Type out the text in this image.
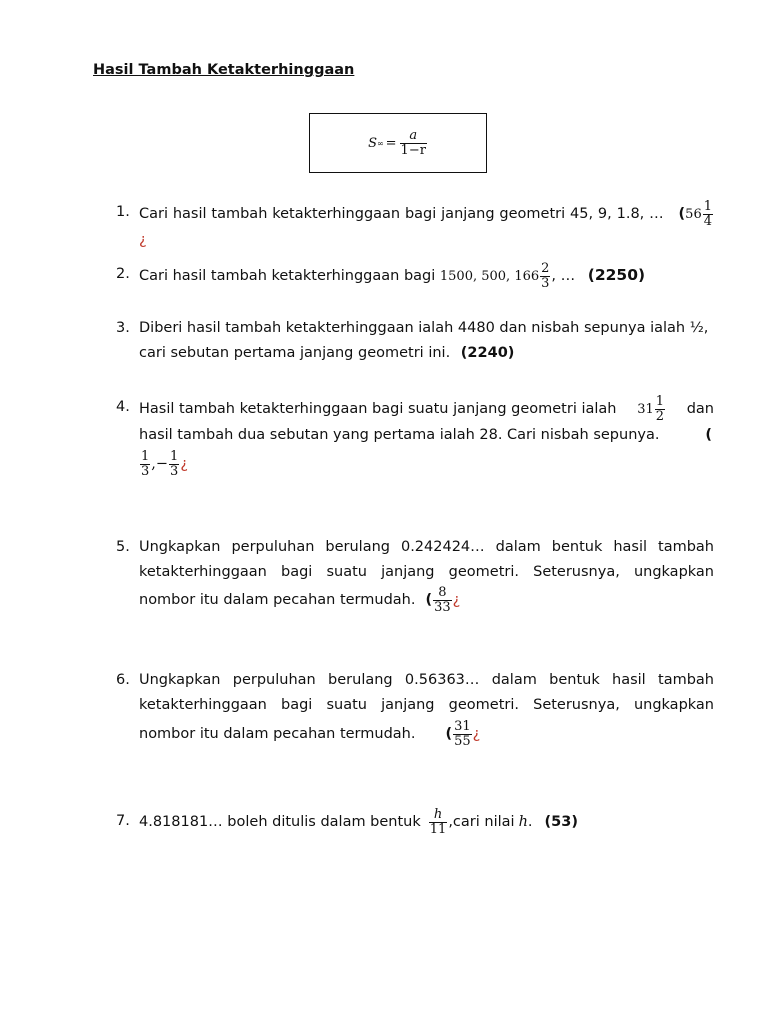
Hasil Tambah Ketakterhinggaan
S ∞ = $\frac{a}{1-r}$
1. Cari hasil tambah ketakterhinggaan bagi janjang geometri 45, 9, 1.8, … ($56 \frac{1}{4}$
¿
2. Cari hasil tambah ketakterhinggaan bagi 1500, 500, $166 \frac{2}{3}$ , … (2250)
3. Diberi hasil tambah ketakterhinggaan ialah 4480 dan nisbah sepunya ialah ½,
cari sebutan pertama janjang geometri ini. (2240)
4. Hasil tambah ketakterhinggaan bagi suatu janjang geometri ialah $31 \frac{1}{2}$ dan
hasil tambah dua sebutan yang pertama ialah 28. Cari nisbah sepunya.	(
$\frac{1}{3}$ , − $\frac{1}{3}$ ¿
5. Ungkapkan perpuluhan berulang 0.242424… dalam bentuk hasil tambah
ketakterhinggaan bagi suatu janjang geometri. Seterusnya, ungkapkan
nombor itu dalam pecahan termudah. ( $\frac{8}{33}$ ¿
6. Ungkapkan perpuluhan berulang 0.56363… dalam bentuk hasil tambah
ketakterhinggaan bagi suatu janjang geometri. Seterusnya, ungkapkan
nombor itu dalam pecahan termudah. ( $\frac{31}{55}$ ¿
7. 4.818181… boleh ditulis dalam bentuk $\frac{h}{11}$ ,cari nilai h . (53)
